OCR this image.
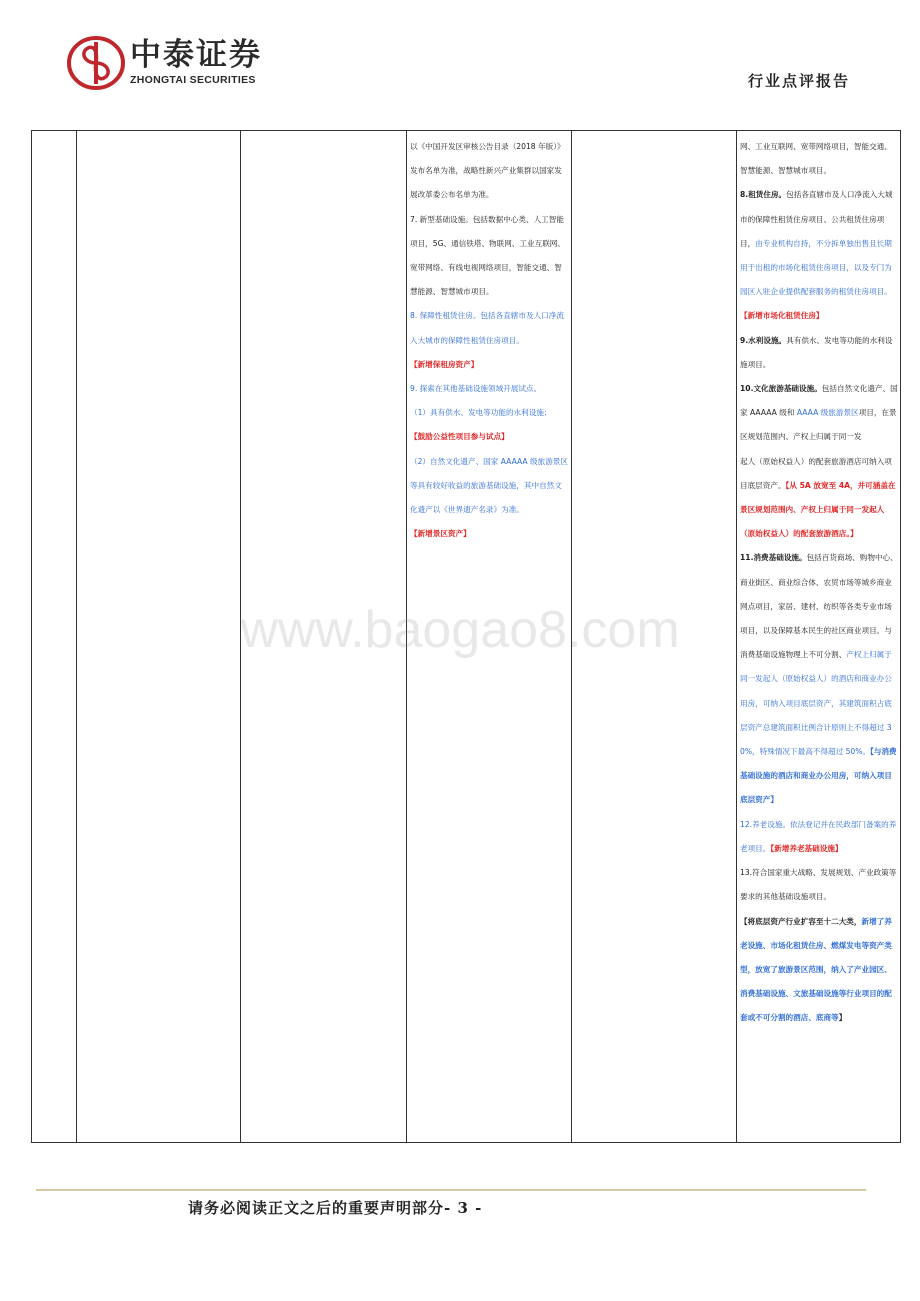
中泰证券
ZHONGTAI SECURITIES	行业点评报告

以《中国开发区审核公告目录（2018 年版）》发布名单为准，战略性新兴产业集群以国家发展改革委公布名单为准。
7. 新型基础设施。包括数据中心类、人工智能项目，5G、通信铁塔、物联网、工业互联网、宽带网络、有线电视网络项目，智能交通、智慧能源、智慧城市项目。
8. 保障性租赁住房。包括各直辖市及人口净流入大城市的保障性租赁住房项目。
【新增保租房资产】
9. 探索在其他基础设施领域开展试点。
（1）具有供水、发电等功能的水利设施；
【鼓励公益性项目参与试点】
（2）自然文化遗产、国家 AAAAA 级旅游景区等具有较好收益的旅游基础设施，其中自然文化遗产以《世界遗产名录》为准。
【新增景区资产】

网、工业互联网、宽带网络项目，智能交通、智慧能源、智慧城市项目。
8.租赁住房。包括各直辖市及人口净流入大城市的保障性租赁住房项目、公共租赁住房项目，由专业机构自持，不分拆单独出售且长期用于出租的市场化租赁住房项目，以及专门为园区入驻企业提供配套服务的租赁住房项目。【新增市场化租赁住房】
9.水利设施。具有供水、发电等功能的水利设施项目。
10.文化旅游基础设施。包括自然文化遗产、国家 AAAAA 级和 AAAA 级旅游景区项目，在景区规划范围内、产权上归属于同一发
起人（原始权益人）的配套旅游酒店可纳入项目底层资产。【从 5A 放宽至 4A，并可涵盖在景区规划范围内、产权上归属于同一发起人（原始权益人）的配套旅游酒店。】
11.消费基础设施。包括百货商场、购物中心、商业街区、商业综合体、农贸市场等城乡商业网点项目，家居、建材、纺织等各类专业市场项目，以及保障基本民生的社区商业项目。与消费基础设施物理上不可分割、产权上归属于同一发起人（原始权益人）的酒店和商业办公用房，可纳入项目底层资产，其建筑面积占底层资产总建筑面积比例合计原则上不得超过 30%，特殊情况下最高不得超过 50%。【与消费基础设施的酒店和商业办公用房，可纳入项目底层资产】
12.养老设施。依法登记并在民政部门备案的养老项目。【新增养老基础设施】
13.符合国家重大战略、发展规划、产业政策等要求的其他基础设施项目。
【将底层资产行业扩容至十二大类，新增了养老设施、市场化租赁住房、燃煤发电等资产类型，放宽了旅游景区范围，纳入了产业园区、消费基础设施、文旅基础设施等行业项目的配套或不可分割的酒店、底商等】
www.baogao8.com
请务必阅读正文之后的重要声明部分- 3 -
